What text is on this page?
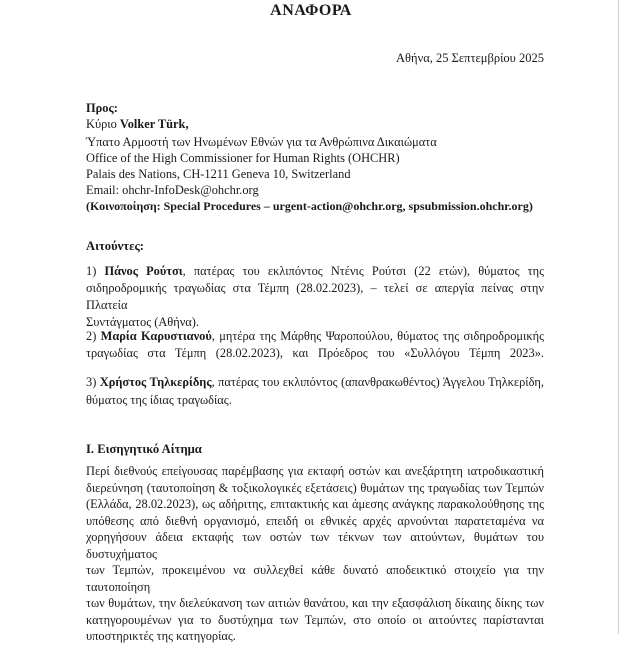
ΑΝΑΦΟΡΑ
Αθήνα, 25 Σεπτεμβρίου 2025
Προς:
Κύριο Volker Türk,
Ύπατο Αρμοστή των Ηνωμένων Εθνών για τα Ανθρώπινα Δικαιώματα
Office of the High Commissioner for Human Rights (OHCHR)
Palais des Nations, CH-1211 Geneva 10, Switzerland
Email: ohchr-InfoDesk@ohchr.org
(Κοινοποίηση: Special Procedures – urgent-action@ohchr.org, spsubmission.ohchr.org)
Αιτούντες:
1) Πάνος Ρούτσι, πατέρας του εκλιπόντος Ντένις Ρούτσι (22 ετών), θύματος της
σιδηροδρομικής τραγωδίας στα Τέμπη (28.02.2023), – τελεί σε απεργία πείνας στην Πλατεία
Συντάγματος (Αθήνα).
2) Μαρία Καρυστιανού, μητέρα της Μάρθης Ψαροπούλου, θύματος της σιδηροδρομικής
τραγωδίας στα Τέμπη (28.02.2023), και Πρόεδρος του «Συλλόγου Τέμπη 2023».
3) Χρήστος Τηλκερίδης, πατέρας του εκλιπόντος (απανθρακωθέντος) Άγγελου Τηλκερίδη,
θύματος της ίδιας τραγωδίας.
I. Εισηγητικό Αίτημα
Περί διεθνούς επείγουσας παρέμβασης για εκταφή οστών και ανεξάρτητη ιατροδικαστική
διερεύνηση (ταυτοποίηση & τοξικολογικές εξετάσεις) θυμάτων της τραγωδίας των Τεμπών
(Ελλάδα, 28.02.2023), ως αδήριτης, επιτακτικής και άμεσης ανάγκης παρακολούθησης της
υπόθεσης από διεθνή οργανισμό, επειδή οι εθνικές αρχές αρνούνται παρατεταμένα να
χορηγήσουν άδεια εκταφής των οστών των τέκνων των αιτούντων, θυμάτων του δυστυχήματος
των Τεμπών, προκειμένου να συλλεχθεί κάθε δυνατό αποδεικτικό στοιχείο για την ταυτοποίηση
των θυμάτων, την διελεύκανση των αιτιών θανάτου, και την εξασφάλιση δίκαιης δίκης των
κατηγορουμένων για το δυστύχημα των Τεμπών, στο οποίο οι αιτούντες παρίστανται
υποστηρικτές της κατηγορίας.
